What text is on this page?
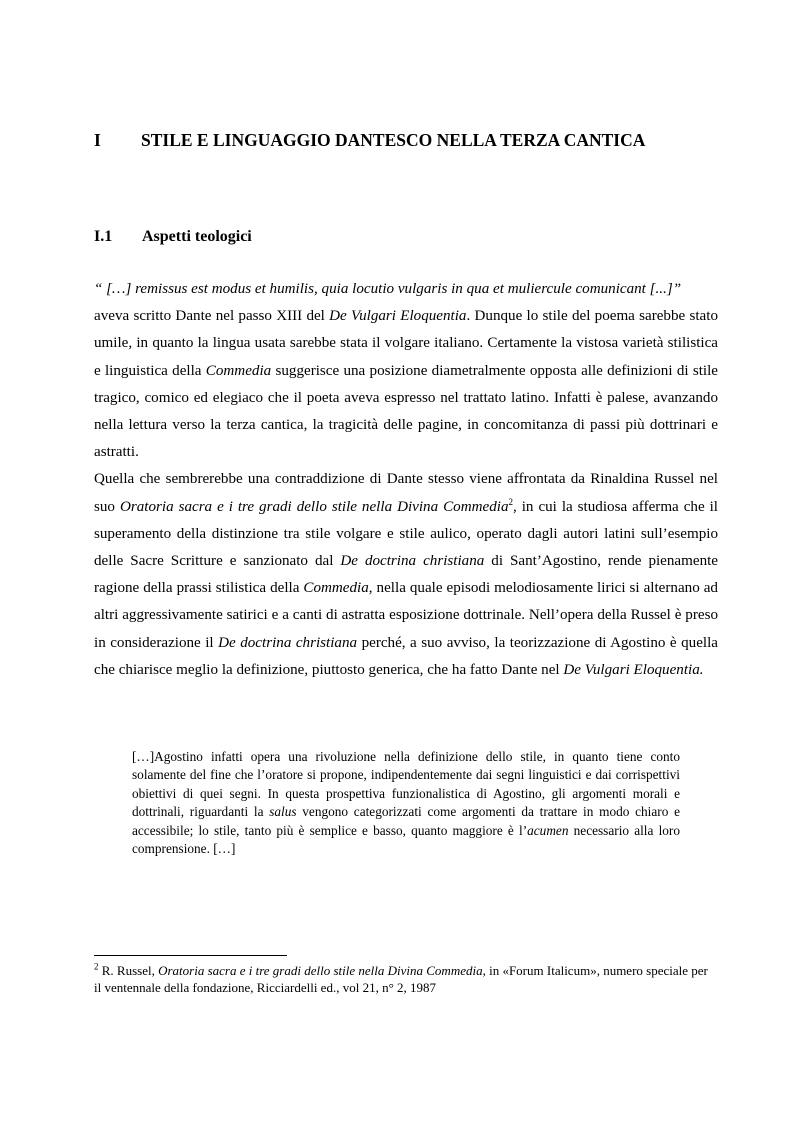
I STILE E LINGUAGGIO DANTESCO NELLA TERZA CANTICA
I.1 Aspetti teologici

“ […] remissus est modus et humilis, quia locutio vulgaris in qua et muliercule comunicant [...]”
aveva scritto Dante nel passo XIII del De Vulgari Eloquentia. Dunque lo stile del poema sarebbe stato umile, in quanto la lingua usata sarebbe stata il volgare italiano. Certamente la vistosa varietà stilistica e linguistica della Commedia suggerisce una posizione diametralmente opposta alle definizioni di stile tragico, comico ed elegiaco che il poeta aveva espresso nel trattato latino. Infatti è palese, avanzando nella lettura verso la terza cantica, la tragicità delle pagine, in concomitanza di passi più dottrinari e astratti.

Quella che sembrerebbe una contraddizione di Dante stesso viene affrontata da Rinaldina Russel nel suo Oratoria sacra e i tre gradi dello stile nella Divina Commedia$^2$, in cui la studiosa afferma che il superamento della distinzione tra stile volgare e stile aulico, operato dagli autori latini sull’esempio delle Sacre Scritture e sanzionato dal De doctrina christiana di Sant’Agostino, rende pienamente ragione della prassi stilistica della Commedia, nella quale episodi melodiosamente lirici si alternano ad altri aggressivamente satirici e a canti di astratta esposizione dottrinale. Nell’opera della Russel è preso in considerazione il De doctrina christiana perché, a suo avviso, la teorizzazione di Agostino è quella che chiarisce meglio la definizione, piuttosto generica, che ha fatto Dante nel De Vulgari Eloquentia.

[…]Agostino infatti opera una rivoluzione nella definizione dello stile, in quanto tiene conto solamente del fine che l’oratore si propone, indipendentemente dai segni linguistici e dai corrispettivi obiettivi di quei segni. In questa prospettiva funzionalistica di Agostino, gli argomenti morali e dottrinali, riguardanti la salus vengono categorizzati come argomenti da trattare in modo chiaro e accessibile; lo stile, tanto più è semplice e basso, quanto maggiore è l’acumen necessario alla loro comprensione. […]
$^2$ R. Russel, Oratoria sacra e i tre gradi dello stile nella Divina Commedia, in «Forum Italicum», numero speciale per il ventennale della fondazione, Ricciardelli ed., vol 21, n° 2, 1987
